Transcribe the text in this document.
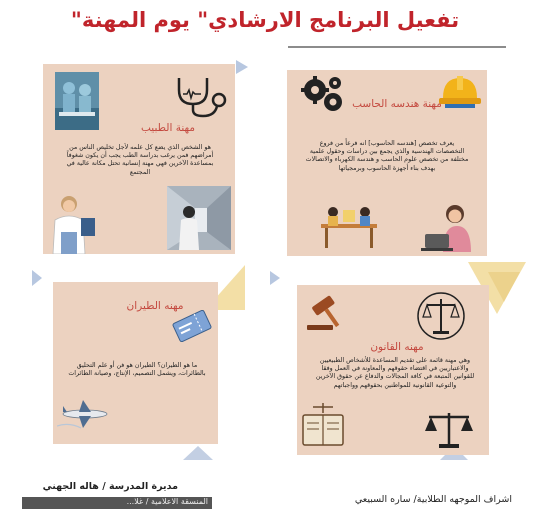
تفعيل البرنامج الارشادي" يوم المهنة"
مهنة هندسه الحاسب
يعرف تخصص [هندسه الحاسوب] انه فرعاً من فروع التخصصات الهندسية والذي يجمع بين دراسات وحقول علمية مختلفة من تخصص علوم الحاسب و هندسة الكهرباء والاتصالات بهدف بناء أجهزة الحاسوب وبرمجياتها
مهنة الطبيب
هو الشخص الذي يضع كل علمه لأجل تخليص الناس من أمراضهم فمن يرغب بدراسة الطب يجب أن يكون شغوفاً بمساعدة الآخرين فهي مهنة إنسانية تحتل مكانة عالية في المجتمع
مهنه الطيران
ما هو الطيران؟ الطيران هو فن أو علم التحليق بالطائرات، ويشمل التصميم، الإنتاج، وصيانة الطائرات
مهنه القانون
وهي مهنة قائمة على تقديم المساعدة للأشخاص الطبيعيين والاعتباريين في اقتضاء حقوقهم والمعاونة في العمل وفقا للقوانين المتبعة في كافة المجالات والدفاع عن حقوق الآخرين والتوعية القانونية للمواطنين بحقوقهم وواجباتهم
مديرة المدرسة / هاله الجهني
اشراف الموجهه الطلابية/ ساره السبيعي
المنسقة الاعلامية / غلا...
